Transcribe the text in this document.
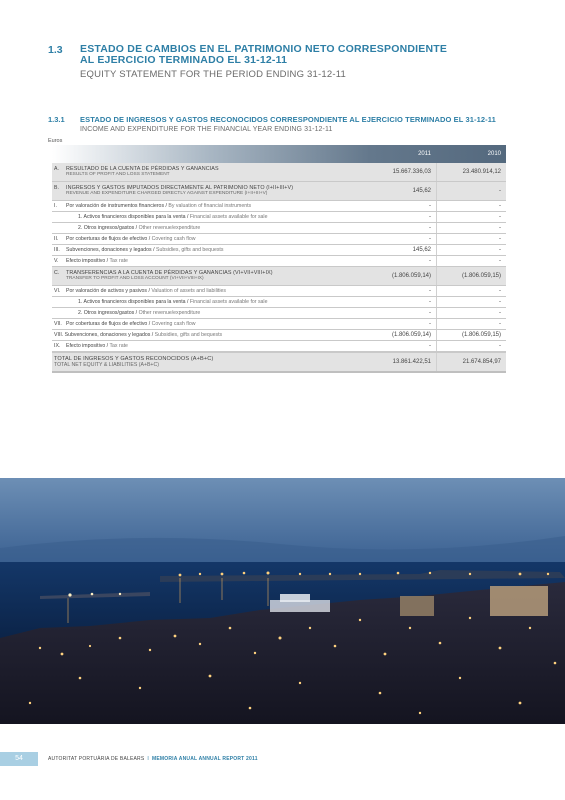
1.3 ESTADO DE CAMBIOS EN EL PATRIMONIO NETO CORRESPONDIENTE AL EJERCICIO TERMINADO EL 31-12-11
EQUITY STATEMENT FOR THE PERIOD ENDING 31-12-11
1.3.1 ESTADO DE INGRESOS Y GASTOS RECONOCIDOS CORRESPONDIENTE AL EJERCICIO TERMINADO EL 31-12-11
INCOME AND EXPENDITURE FOR THE FINANCIAL YEAR ENDING 31-12-11
Euros
2011	2010
A.	RESULTADO DE LA CUENTA DE PÉRDIDAS Y GANANCIAS
RESULTS OF PROFIT AND LOSS STATEMENT	15.667.336,03	23.480.914,12
B.	INGRESOS Y GASTOS IMPUTADOS DIRECTAMENTE AL PATRIMONIO NETO (I+II+III+V)
REVENUE AND EXPENDITURE CHARGED DIRECTLY AGAINST EXPENDITURE (I+II+III+V)	145,62	-
I.	Por valoración de instrumentos financieros / By valuation of financial instruments	-	-
1. Activos financieros disponibles para la venta / Financial assets available for sale	-	-
2. Otros ingresos/gastos / Other revenue/expenditure	-	-
II.	Por coberturas de flujos de efectivo / Covering cash flow	-	-
III.	Subvenciones, donaciones y legados / Subsidies, gifts and bequests	145,62	-
V.	Efecto impositivo / Tax rate	-	-
C.	TRANSFERENCIAS A LA CUENTA DE PÉRDIDAS Y GANANCIAS (VI+VII+VIII+IX)
TRANSFER TO PROFIT AND LOSS ACCOUNT (VI+VII+VIII+IX)	(1.806.059,14)	(1.806.059,15)
VI.	Por valoración de activos y pasivos / Valuation of assets and liabilities	-	-
1. Activos financieros disponibles para la venta / Financial assets available for sale	-	-
2. Otros ingresos/gastos / Other revenue/expenditure	-	-
VII. Por coberturas de flujos de efectivo / Covering cash flow	-	-
VIII. Subvenciones, donaciones y legados / Subsidies, gifts and bequests	(1.806.059,14)	(1.806.059,15)
IX.	Efecto impositivo / Tax rate	-	-
TOTAL DE INGRESOS Y GASTOS RECONOCIDOS (A+B+C)
TOTAL NET EQUITY & LIABILITIES (A+B+C)	13.861.422,51	21.674.854,97
54	AUTORITAT PORTUÀRIA DE BALEARS I MEMORIA ANUAL ANNUAL REPORT 2011
